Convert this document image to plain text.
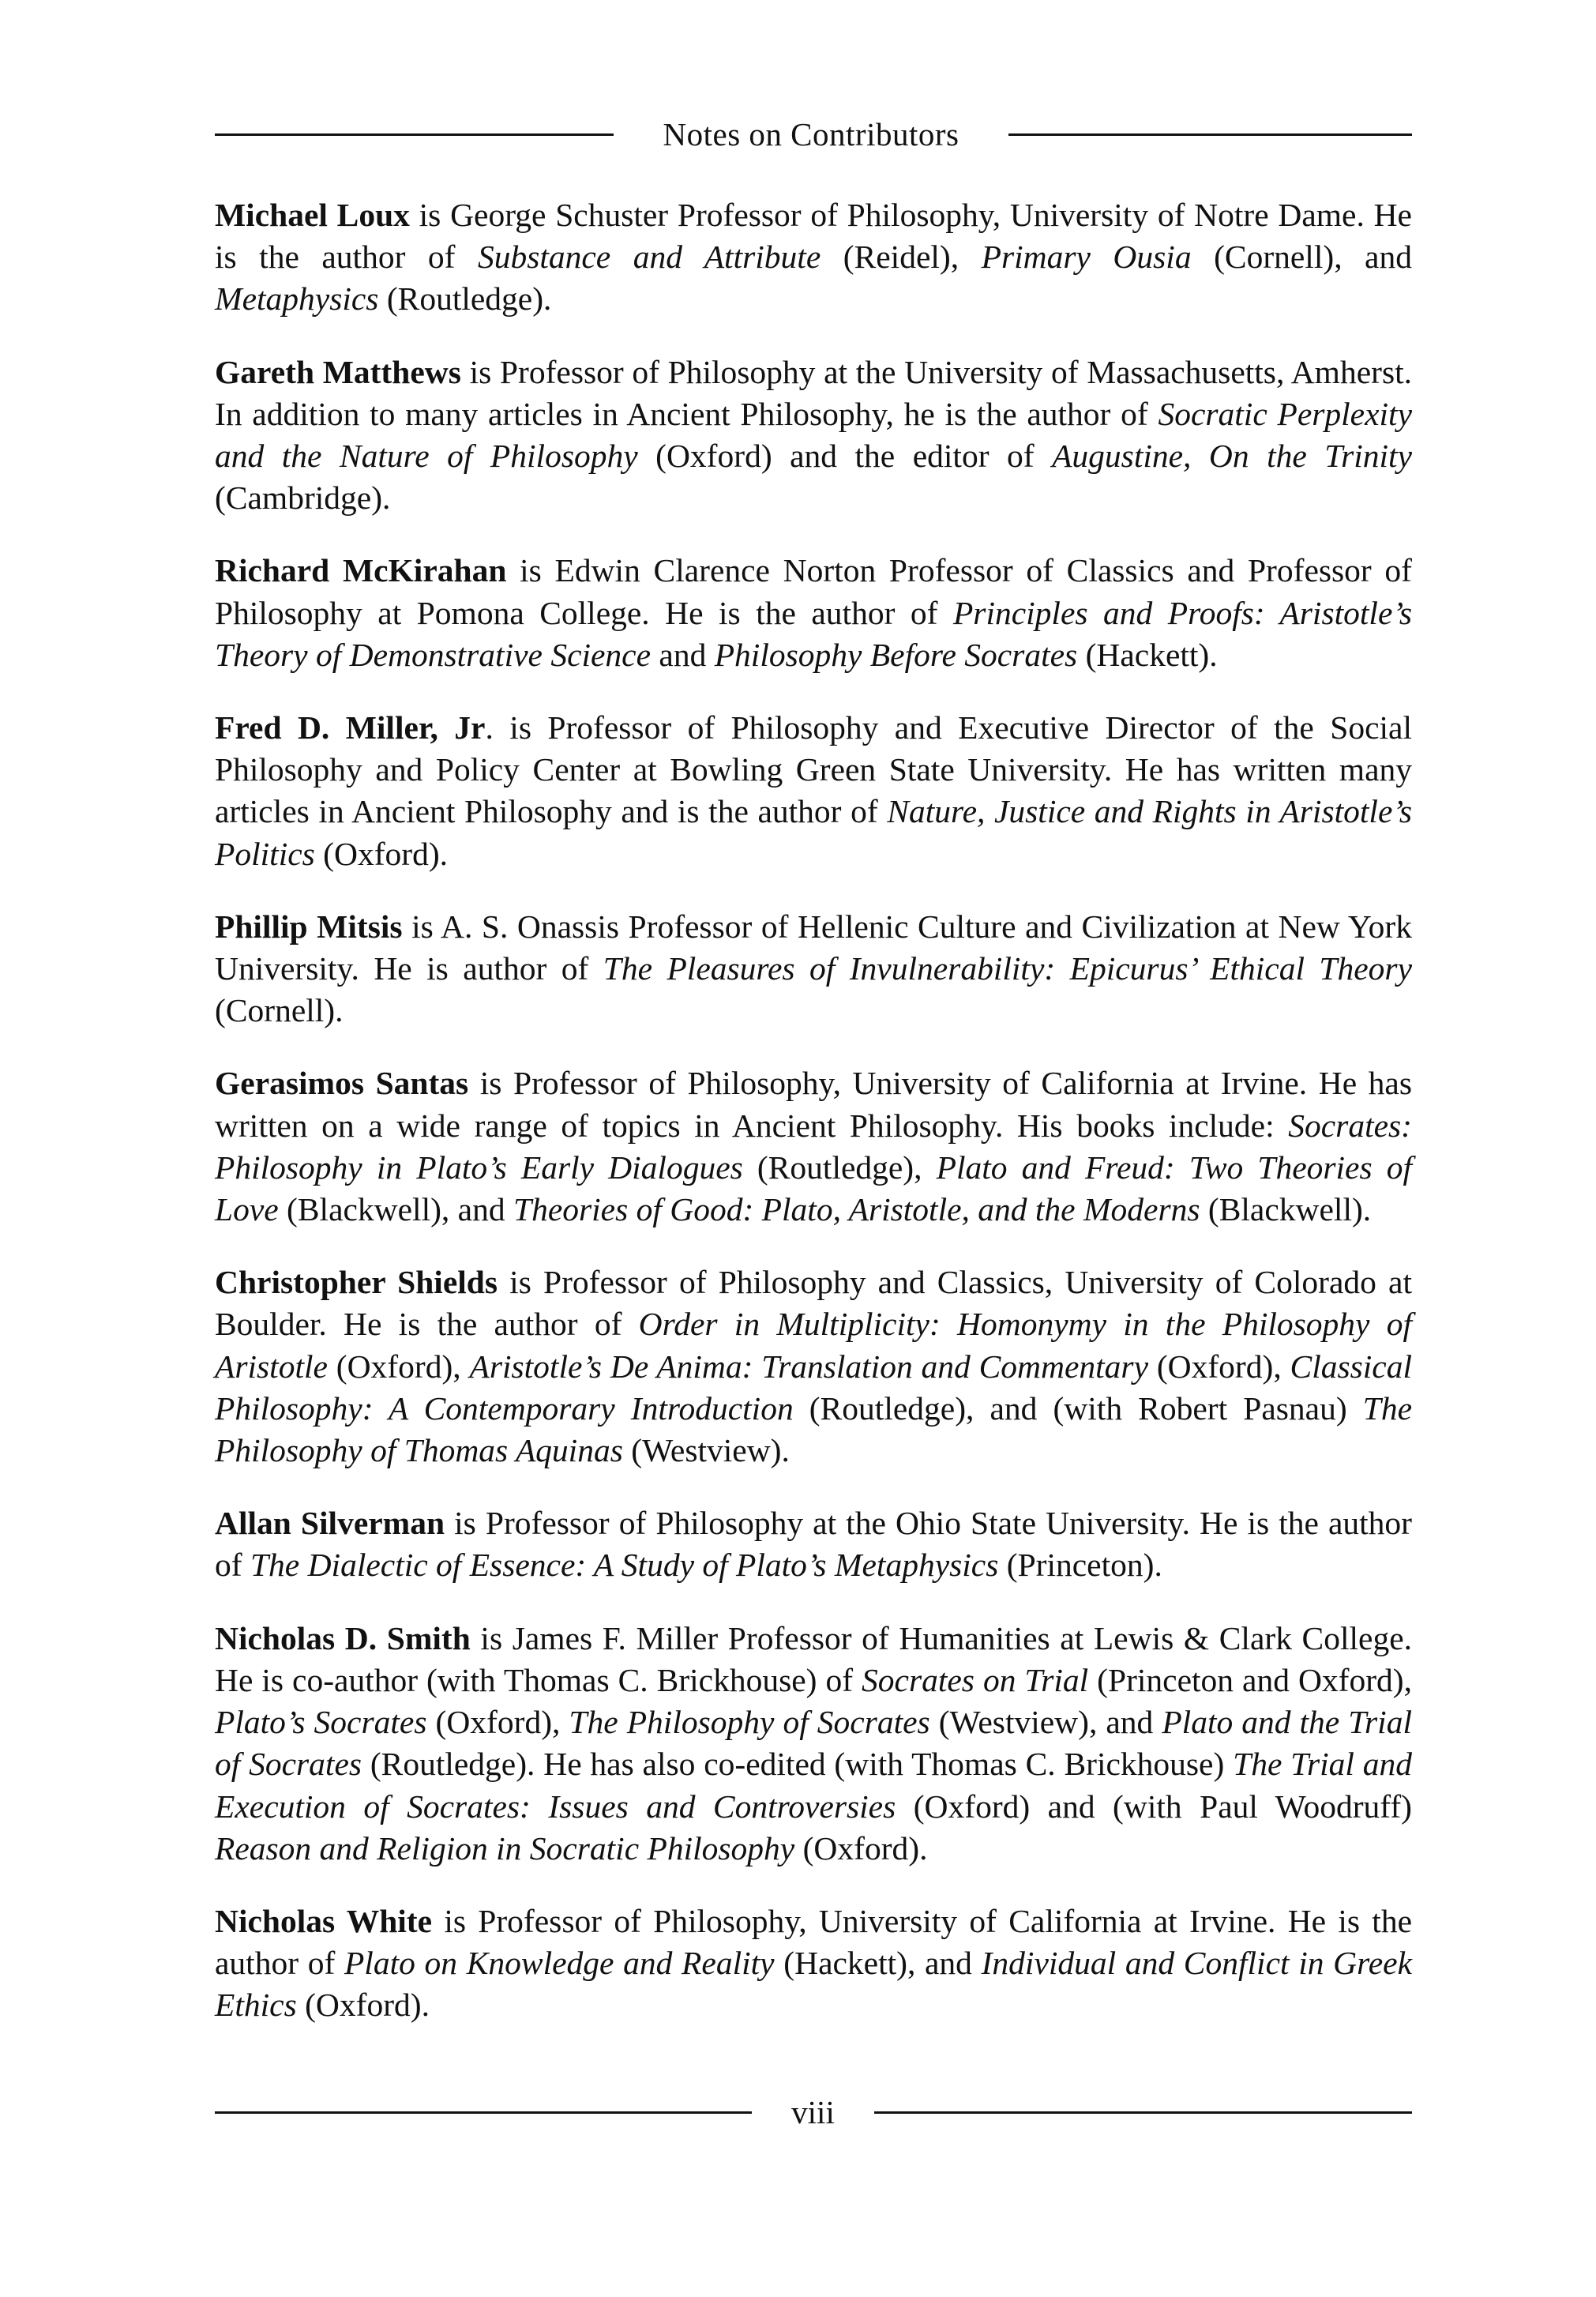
Notes on Contributors

Michael Loux is George Schuster Professor of Philosophy, University of Notre Dame. He is the author of Substance and Attribute (Reidel), Primary Ousia (Cornell), and Metaphysics (Routledge).

Gareth Matthews is Professor of Philosophy at the University of Massachusetts, Amherst. In addition to many articles in Ancient Philosophy, he is the author of Socratic Perplexity and the Nature of Philosophy (Oxford) and the editor of Augustine, On the Trinity (Cambridge).

Richard McKirahan is Edwin Clarence Norton Professor of Classics and Professor of Philosophy at Pomona College. He is the author of Principles and Proofs: Aristotle’s Theory of Demonstrative Science and Philosophy Before Socrates (Hackett).

Fred D. Miller, Jr. is Professor of Philosophy and Executive Director of the Social Philosophy and Policy Center at Bowling Green State University. He has written many articles in Ancient Philosophy and is the author of Nature, Justice and Rights in Aristotle’s Politics (Oxford).

Phillip Mitsis is A. S. Onassis Professor of Hellenic Culture and Civilization at New York University. He is author of The Pleasures of Invulnerability: Epicurus’ Ethical Theory (Cornell).

Gerasimos Santas is Professor of Philosophy, University of California at Irvine. He has written on a wide range of topics in Ancient Philosophy. His books include: Socrates: Philosophy in Plato’s Early Dialogues (Routledge), Plato and Freud: Two Theories of Love (Blackwell), and Theories of Good: Plato, Aristotle, and the Moderns (Blackwell).

Christopher Shields is Professor of Philosophy and Classics, University of Colorado at Boulder. He is the author of Order in Multiplicity: Homonymy in the Philosophy of Aristotle (Oxford), Aristotle’s De Anima: Translation and Commentary (Oxford), Classical Philosophy: A Contemporary Introduction (Routledge), and (with Robert Pasnau) The Philosophy of Thomas Aquinas (Westview).

Allan Silverman is Professor of Philosophy at the Ohio State University. He is the author of The Dialectic of Essence: A Study of Plato’s Metaphysics (Princeton).

Nicholas D. Smith is James F. Miller Professor of Humanities at Lewis & Clark College. He is co-author (with Thomas C. Brickhouse) of Socrates on Trial (Princeton and Oxford), Plato’s Socrates (Oxford), The Philosophy of Socrates (Westview), and Plato and the Trial of Socrates (Routledge). He has also co-edited (with Thomas C. Brickhouse) The Trial and Execution of Socrates: Issues and Controversies (Oxford) and (with Paul Woodruff) Reason and Religion in Socratic Philosophy (Oxford).

Nicholas White is Professor of Philosophy, University of California at Irvine. He is the author of Plato on Knowledge and Reality (Hackett), and Individual and Conflict in Greek Ethics (Oxford).

viii
